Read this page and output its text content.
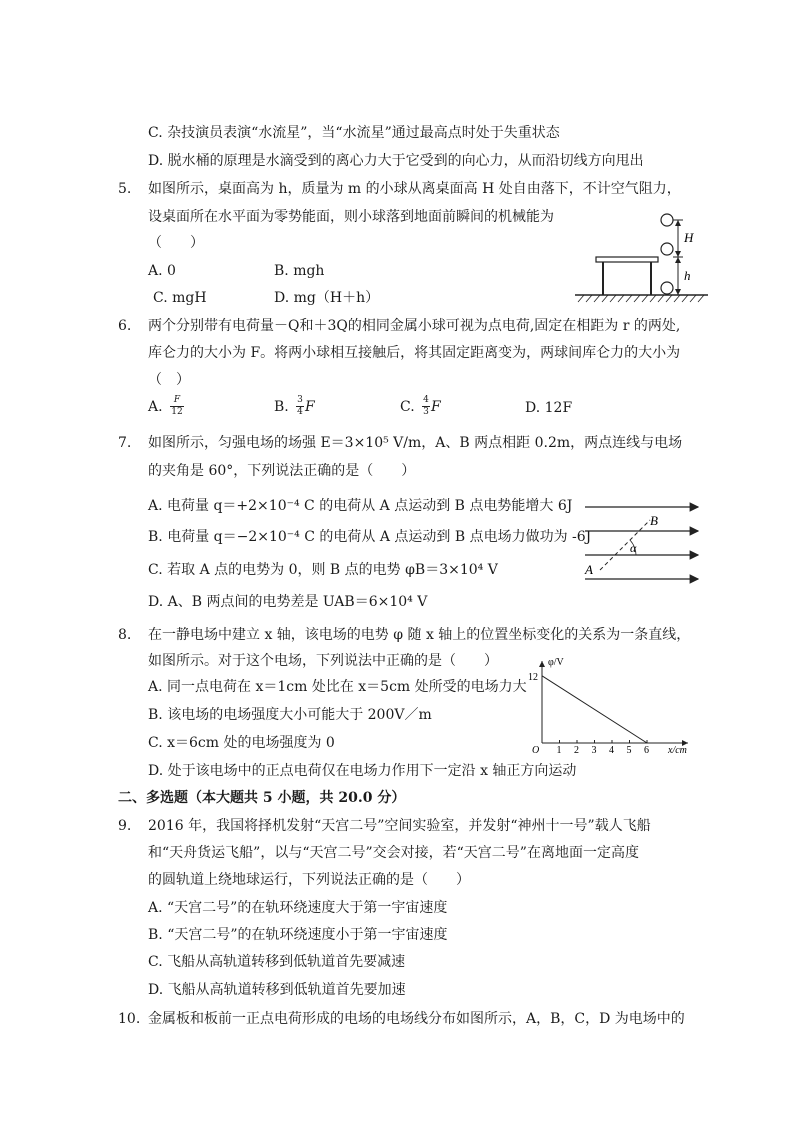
C. 杂技演员表演“水流星”，当“水流星”通过最高点时处于失重状态
D. 脱水桶的原理是水滴受到的离心力大于它受到的向心力，从而沿切线方向甩出
5. 如图所示，桌面高为 h，质量为 m 的小球从离桌面高 H 处自由落下，不计空气阻力，
设桌面所在水平面为零势能面，则小球落到地面前瞬间的机械能为
（　　）
A. 0	B. mgh
C. mgH	D. mg（H＋h）
H
h
6. 两个分别带有电荷量－Q和＋3Q的相同金属小球可视为点电荷,固定在相距为 r 的两处,
库仑力的大小为 F。将两小球相互接触后，将其固定距离变为，两球间库仑力的大小为
（　）
A.	F
12	B. 3
4 F	C. 4
3 F	D. 12F
7. 如图所示，匀强电场的场强 E＝3×10⁵ V/m，A、B 两点相距 0.2m，两点连线与电场
的夹角是 60°，下列说法正确的是（　　）
A. 电荷量 q＝+2×10⁻⁴ C 的电荷从 A 点运动到 B 点电势能增大 6J
B. 电荷量 q＝−2×10⁻⁴ C 的电荷从 A 点运动到 B 点电场力做功为 -6J
C. 若取 A 点的电势为 0，则 B 点的电势 φB＝3×10⁴ V
D. A、B 两点间的电势差是 UAB＝6×10⁴ V
A
B
α
8. 在一静电场中建立 x 轴，该电场的电势 φ 随 x 轴上的位置坐标变化的关系为一条直线，
如图所示。对于这个电场，下列说法中正确的是（　　）
A. 同一点电荷在 x＝1cm 处比在 x＝5cm 处所受的电场力大
B. 该电场的电场强度大小可能大于 200V／m
C. x＝6cm 处的电场强度为 0
D. 处于该电场中的正点电荷仅在电场力作用下一定沿 x 轴正方向运动
φ/V
x/cm
O 1 2 3 4 5 6
12
二、多选题（本大题共 5 小题，共 20.0 分）
9. 2016 年，我国将择机发射“天宫二号”空间实验室，并发射“神州十一号”载人飞船
和“天舟货运飞船”，以与“天宫二号”交会对接，若“天宫二号”在离地面一定高度
的圆轨道上绕地球运行，下列说法正确的是（　　）
A. “天宫二号”的在轨环绕速度大于第一宇宙速度
B. “天宫二号”的在轨环绕速度小于第一宇宙速度
C. 飞船从高轨道转移到低轨道首先要减速
D. 飞船从高轨道转移到低轨道首先要加速
10. 金属板和板前一正点电荷形成的电场的电场线分布如图所示，A，B，C，D 为电场中的
